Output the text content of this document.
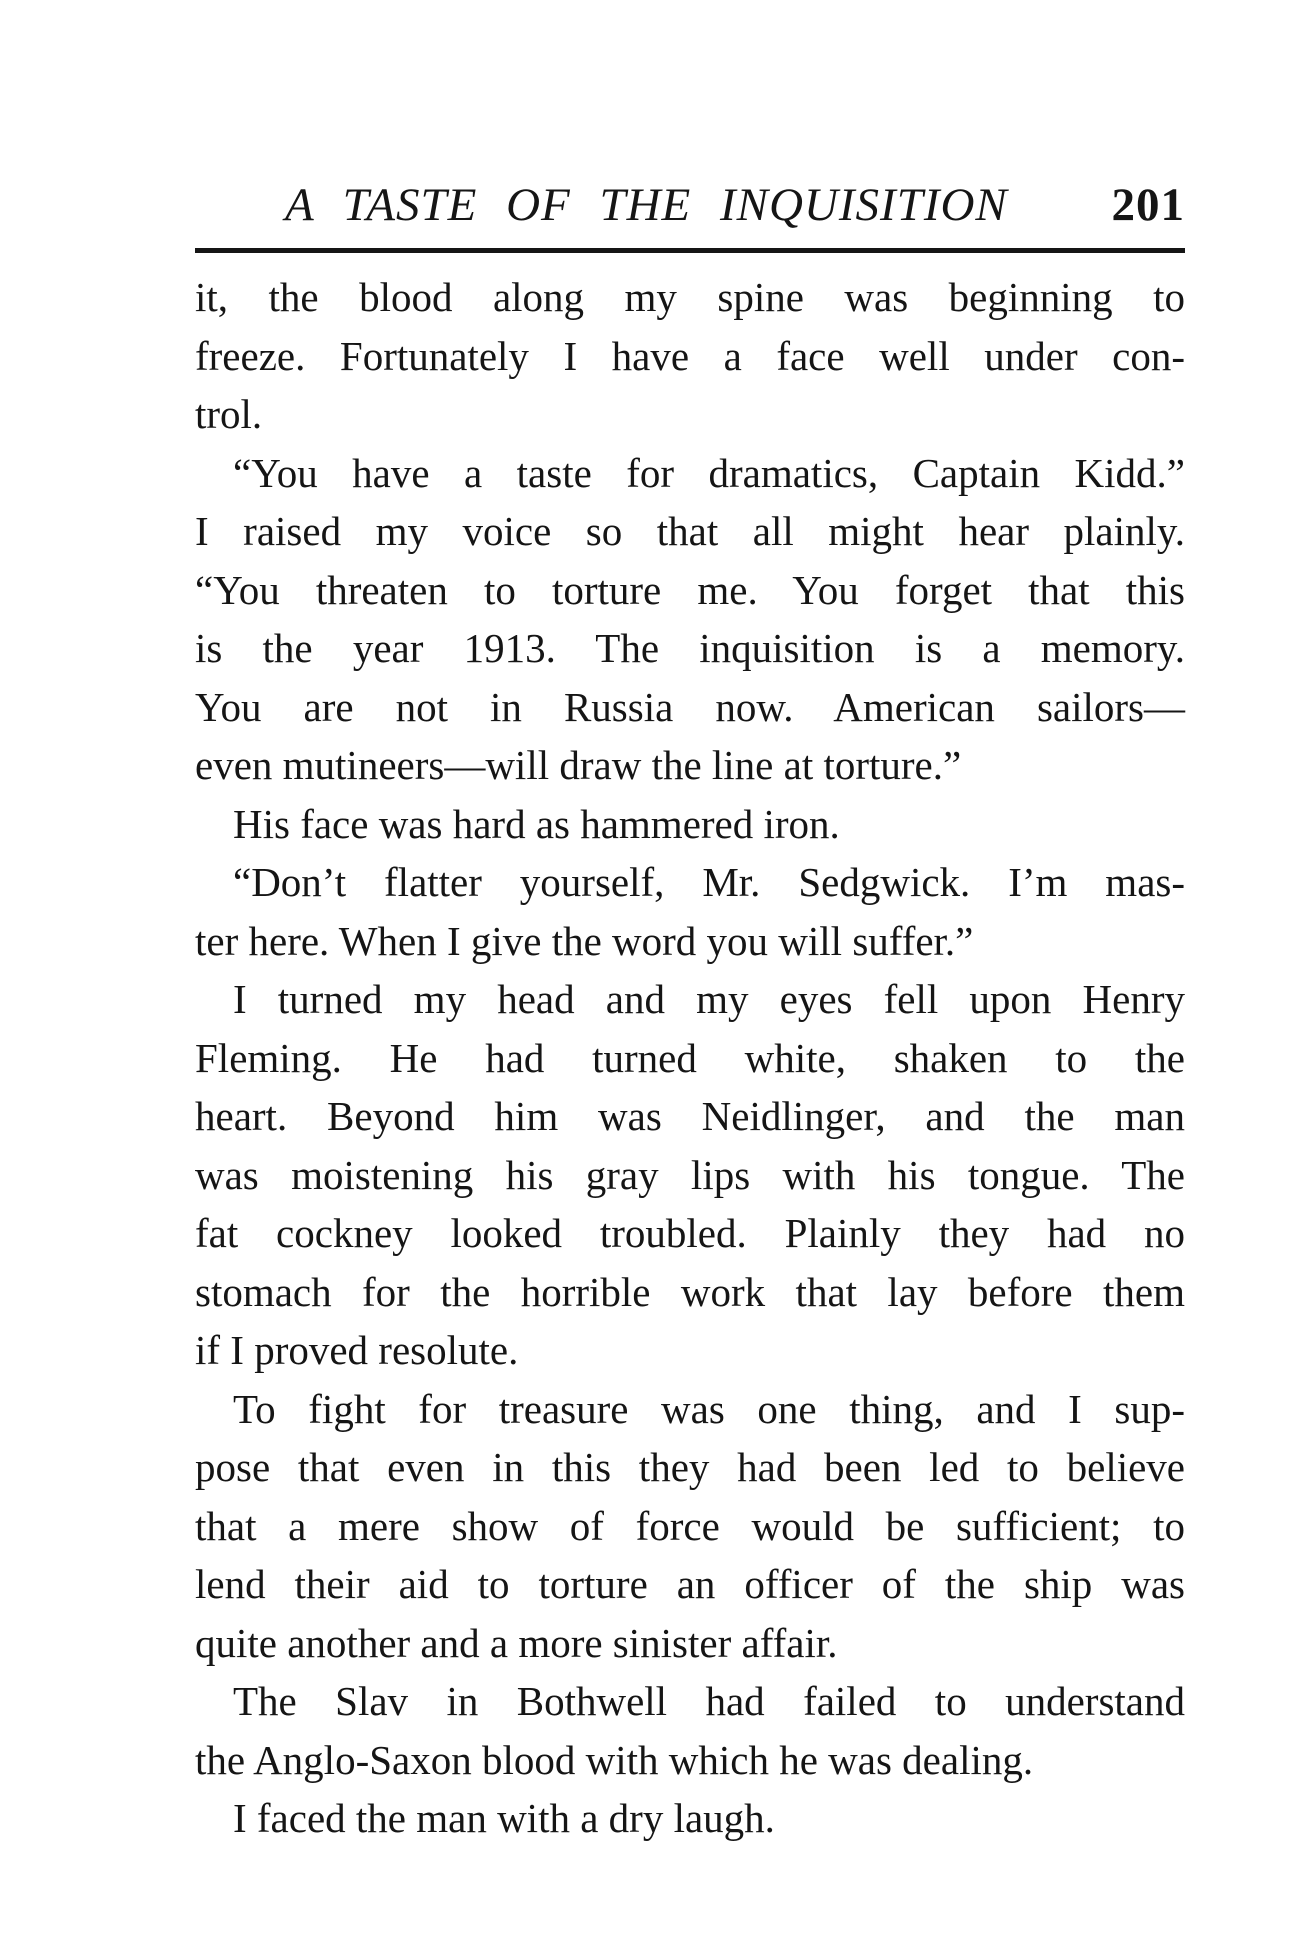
A TASTE OF THE INQUISITION 201
it, the blood along my spine was beginning to
freeze. Fortunately I have a face well under con-
trol.
“You have a taste for dramatics, Captain Kidd.”
I raised my voice so that all might hear plainly.
“You threaten to torture me. You forget that this
is the year 1913. The inquisition is a memory.
You are not in Russia now. American sailors—
even mutineers—will draw the line at torture.”
His face was hard as hammered iron.
“Don’t flatter yourself, Mr. Sedgwick. I’m mas-
ter here. When I give the word you will suffer.”
I turned my head and my eyes fell upon Henry
Fleming. He had turned white, shaken to the
heart. Beyond him was Neidlinger, and the man
was moistening his gray lips with his tongue. The
fat cockney looked troubled. Plainly they had no
stomach for the horrible work that lay before them
if I proved resolute.
To fight for treasure was one thing, and I sup-
pose that even in this they had been led to believe
that a mere show of force would be sufficient; to
lend their aid to torture an officer of the ship was
quite another and a more sinister affair.
The Slav in Bothwell had failed to understand
the Anglo-Saxon blood with which he was dealing.
I faced the man with a dry laugh.
